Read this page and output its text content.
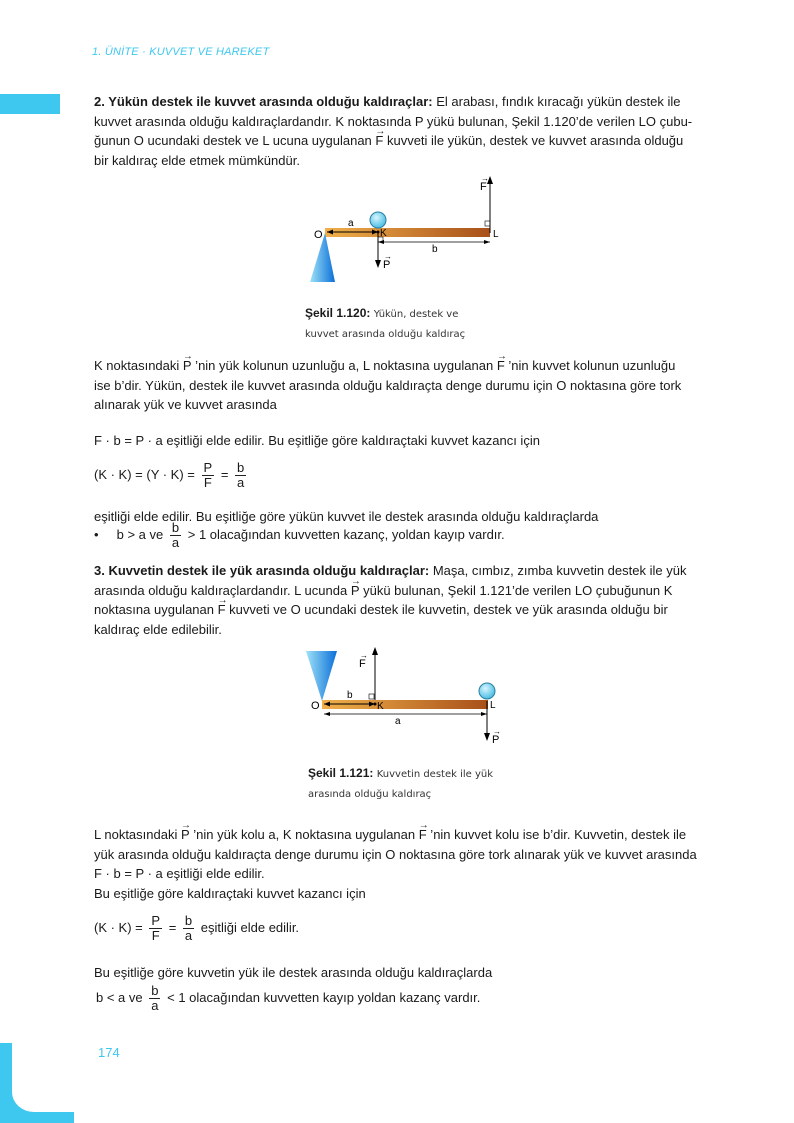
1. ÜNİTE · KUVVET VE HAREKET
2. Yükün destek ile kuvvet arasında olduğu kaldıraçlar: El arabası, fındık kıracağı yükün destek ile
kuvvet arasında olduğu kaldıraçlardandır. K noktasında P yükü bulunan, Şekil 1.120’de verilen LO çubu-
ğunun O ucundaki destek ve L ucuna uygulanan → F kuvveti ile yükün, destek ve kuvvet arasında olduğu
bir kaldıraç elde etmek mümkündür.
O	K	L
a
b
F
→
P
→
Şekil 1.120: Yükün, destek ve
kuvvet arasında olduğu kaldıraç
K noktasındaki → P ’nin yük kolunun uzunluğu a, L noktasına uygulanan → F ’nin kuvvet kolunun uzunluğu
ise b’dir. Yükün, destek ile kuvvet arasında olduğu kaldıraçta denge durumu için O noktasına göre tork
alınarak yük ve kuvvet arasında
F · b = P · a eşitliği elde edilir. Bu eşitliğe göre kaldıraçtaki kuvvet kazancı için
$(K \cdot K) = (Y \cdot K) = \frac{P}{F} = \frac{b}{a}$
eşitliği elde edilir. Bu eşitliğe göre yükün kuvvet ile destek arasında olduğu kaldıraçlarda
• b > a ve $\frac{b}{a} > 1$ olacağından kuvvetten kazanç, yoldan kayıp vardır.
3. Kuvvetin destek ile yük arasında olduğu kaldıraçlar: Maşa, cımbız, zımba kuvvetin destek ile yük
arasında olduğu kaldıraçlardandır. L ucunda → P yükü bulunan, Şekil 1.121’de verilen LO çubuğunun K
noktasına uygulanan → F kuvveti ve O ucundaki destek ile kuvvetin, destek ve yük arasında olduğu bir
kaldıraç elde edilebilir.
O	K	L
b
a
F
→
P
→
Şekil 1.121: Kuvvetin destek ile yük
arasında olduğu kaldıraç
L noktasındaki → P ’nin yük kolu a, K noktasına uygulanan → F ’nin kuvvet kolu ise b’dir. Kuvvetin, destek ile
yük arasında olduğu kaldıraçta denge durumu için O noktasına göre tork alınarak yük ve kuvvet arasında
F · b = P · a eşitliği elde edilir.
Bu eşitliğe göre kaldıraçtaki kuvvet kazancı için
$(K \cdot K) = \frac{P}{F} = \frac{b}{a}$ eşitliği elde edilir.
Bu eşitliğe göre kuvvetin yük ile destek arasında olduğu kaldıraçlarda
b < a ve $\frac{b}{a} < 1$ olacağından kuvvetten kayıp yoldan kazanç vardır.
174
